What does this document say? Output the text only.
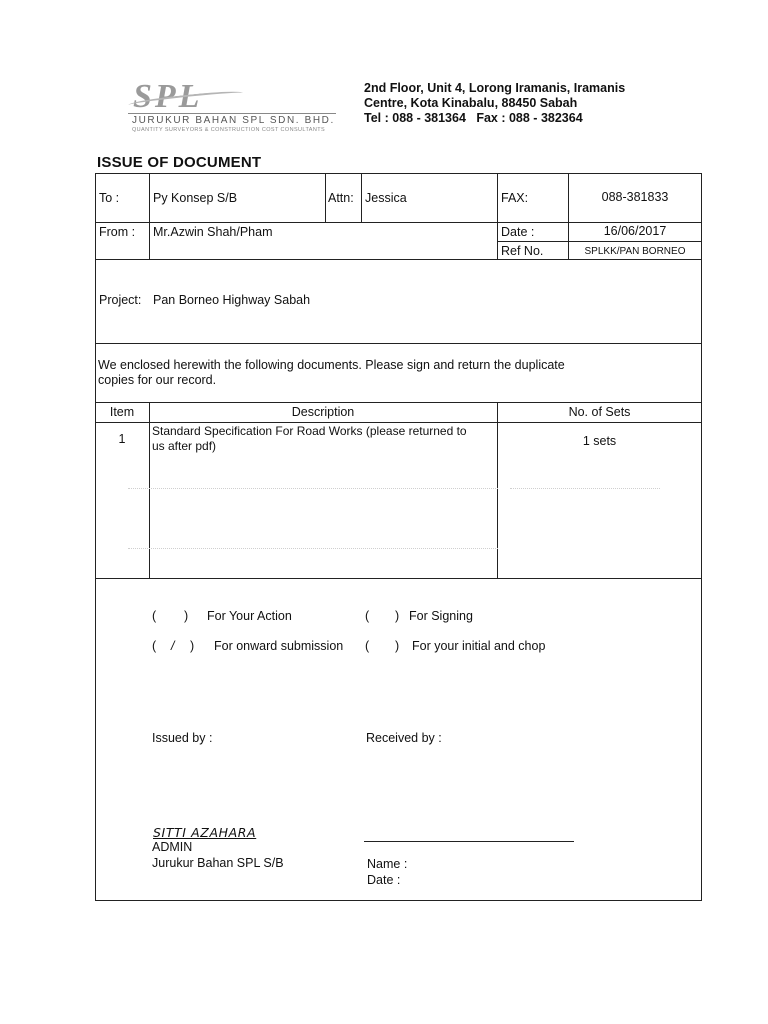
SPL
JURUKUR BAHAN SPL SDN. BHD.
QUANTITY SURVEYORS & CONSTRUCTION COST CONSULTANTS
2nd Floor, Unit 4, Lorong Iramanis, Iramanis
Centre, Kota Kinabalu, 88450 Sabah
Tel : 088 - 381364   Fax : 088 - 382364
ISSUE OF DOCUMENT
To :	Py Konsep S/B	Attn: Jessica	FAX:	088-381833
From : Mr.Azwin Shah/Pham	Date :	16/06/2017
Ref No.	SPLKK/PAN BORNEO
Project: Pan Borneo Highway Sabah
We enclosed herewith the following documents. Please sign and return the duplicate
copies for our record.
Item	Description	No. of Sets
1
Standard Specification For Road Works (please returned to
us after pdf)	1 sets
( ) For Your Action	( ) For Signing
( / ) For onward submission ( ) For your initial and chop
Issued by :	Received by :
SITTI AZAHARA
ADMIN
Jurukur Bahan SPL S/B	Name :
Date :
